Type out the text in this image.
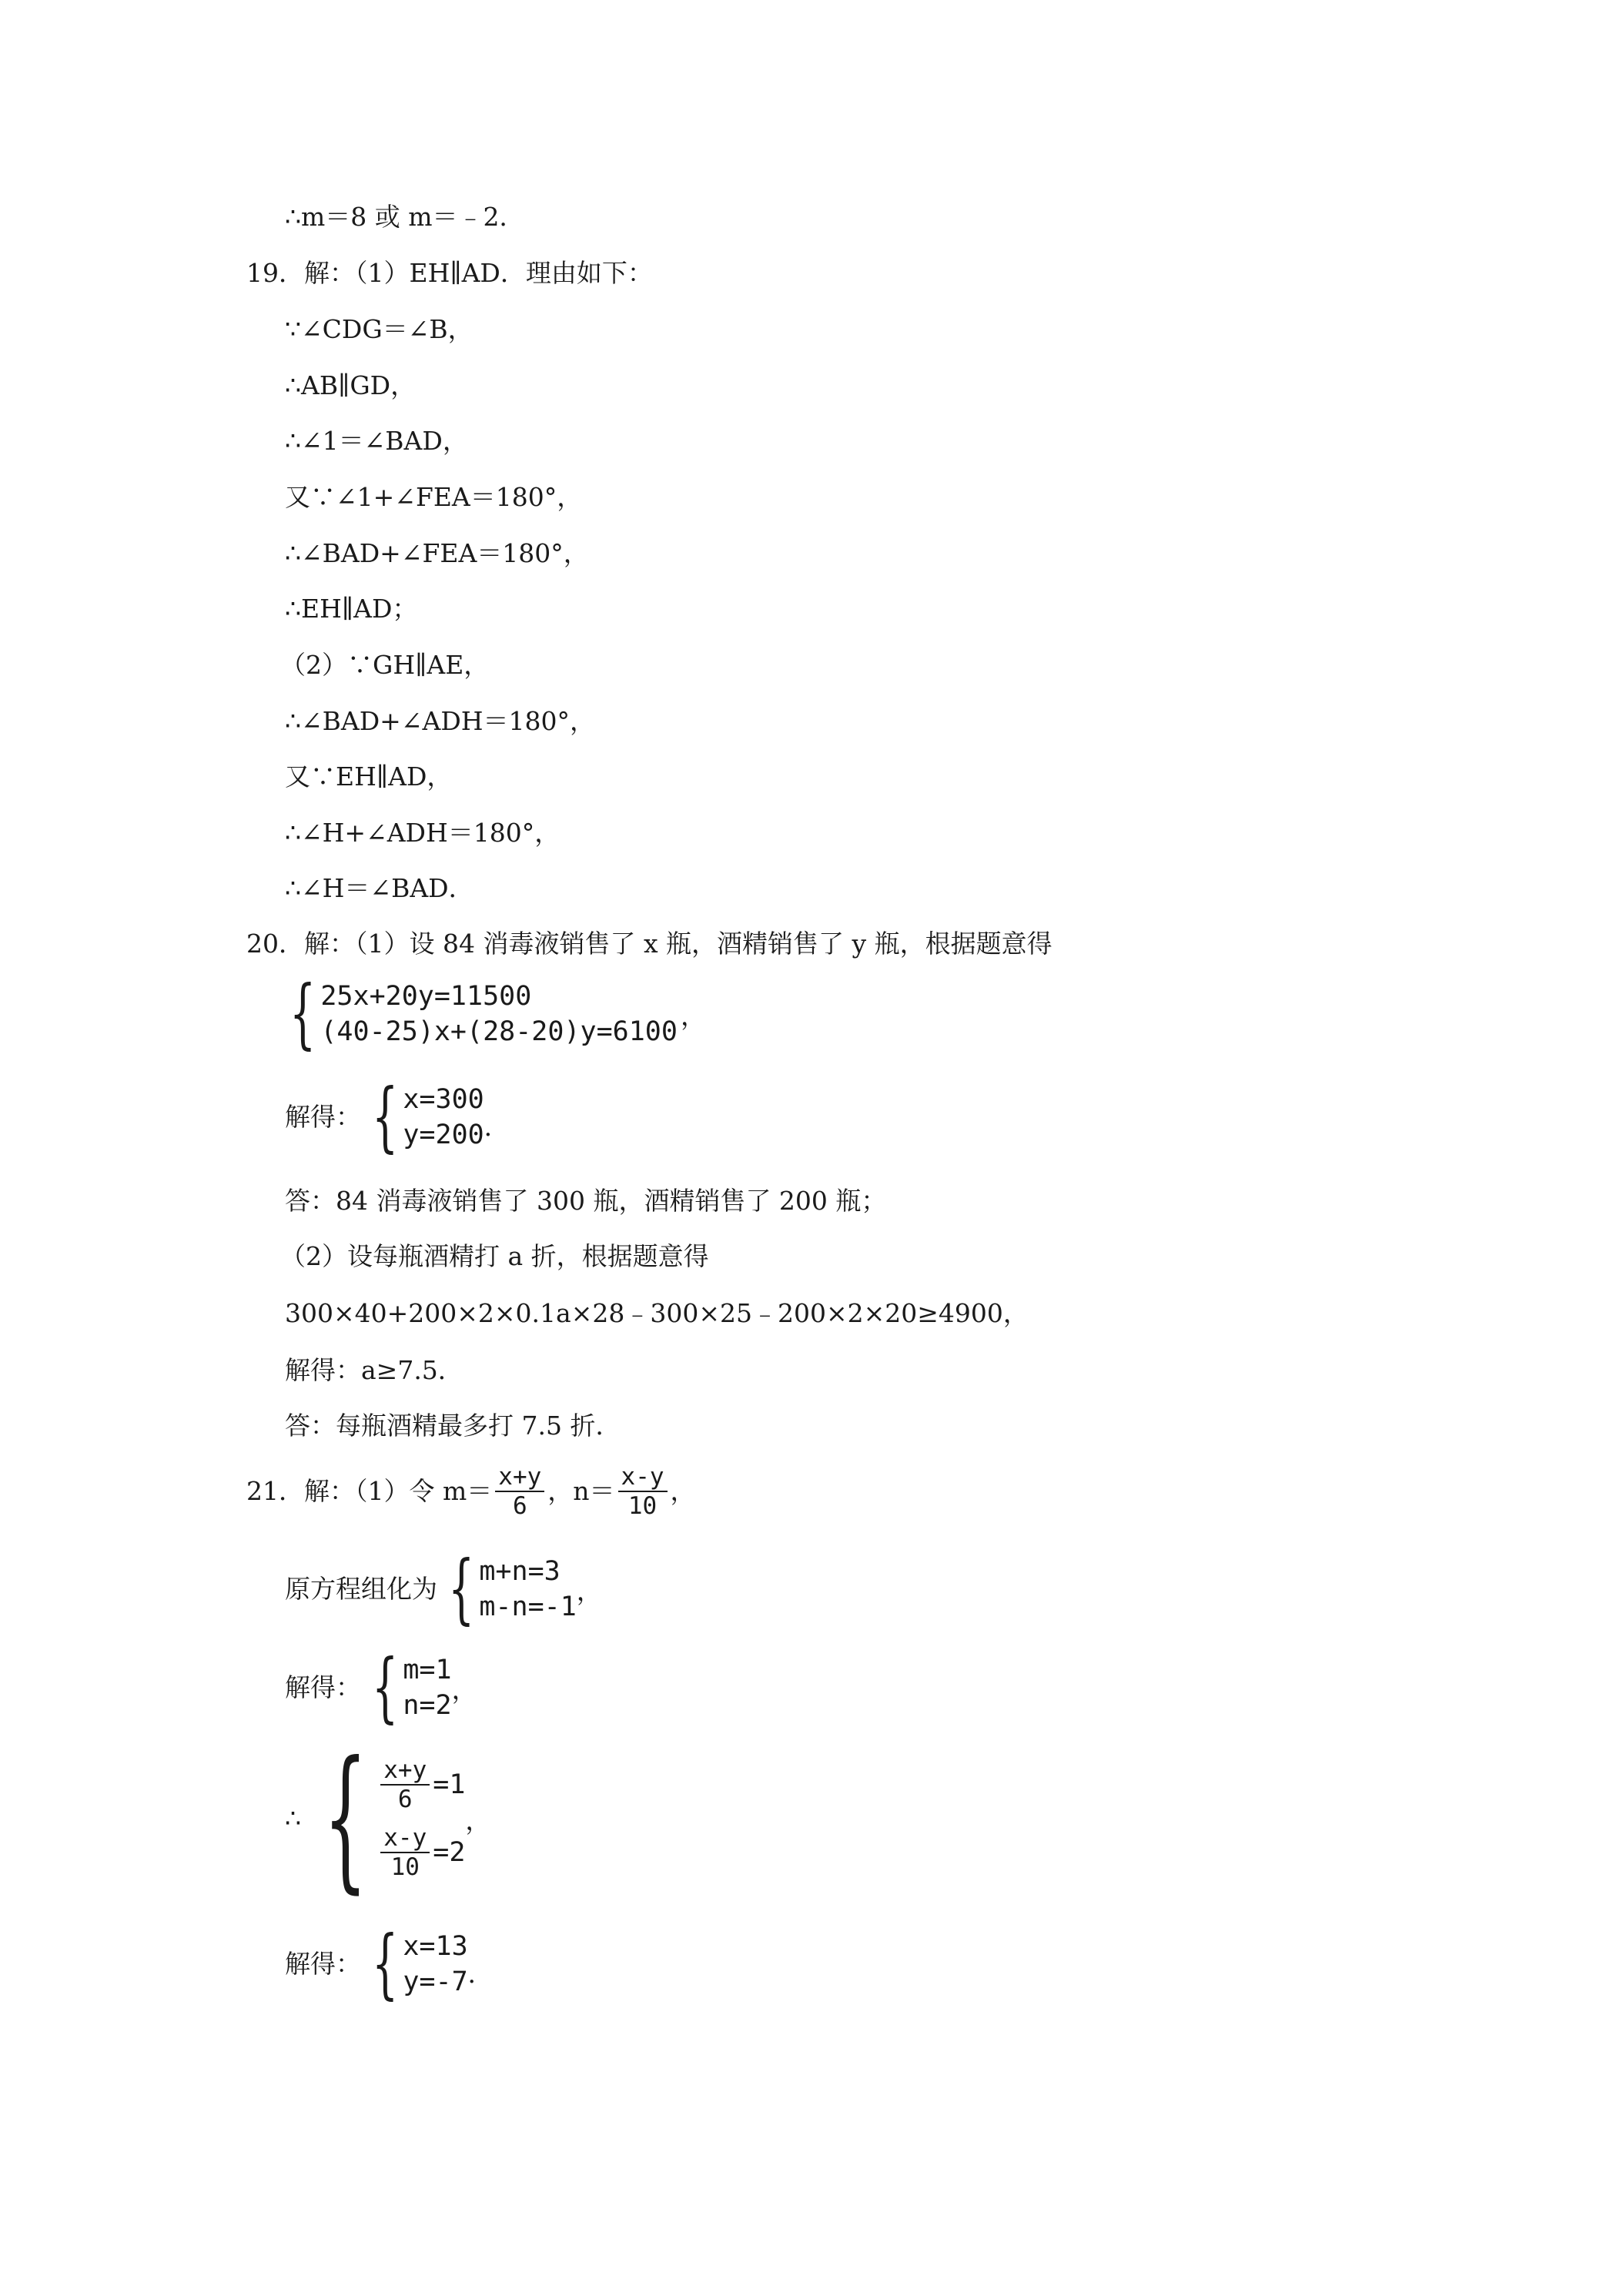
∴m＝8 或 m＝﹣2．
19．解：（1）EH∥AD．理由如下：
∵∠CDG＝∠B，
∴AB∥GD，
∴∠1＝∠BAD，
又∵∠1+∠FEA＝180°，
∴∠BAD+∠FEA＝180°，
∴EH∥AD；
（2）∵GH∥AE，
∴∠BAD+∠ADH＝180°，
又∵EH∥AD，
∴∠H+∠ADH＝180°，
∴∠H＝∠BAD．
20．解：（1）设 84 消毒液销售了 x 瓶，酒精销售了 y 瓶，根据题意得
{ 25x+20y=11500
(40-25)x+(28-20)y=6100
，
解得： { x=300
y=200 ．
答：84 消毒液销售了 300 瓶，酒精销售了 200 瓶；
（2）设每瓶酒精打 a 折，根据题意得
300×40+200×2×0.1a×28﹣300×25﹣200×2×20≥4900，
解得：a≥7.5．
答：每瓶酒精最多打 7.5 折．
21．解：（1）令 $m= \frac{x+y}{6}$ ，$n= \frac{x-y}{10}$ ，
原方程组化为 { m+n=3
m-n=-1
，
解得： { m=1
n=2
，
∴ { $\frac{x+y}{6} =1$
$\frac{x-y}{10} =2$
，
解得： { x=13
y=-7 ．
